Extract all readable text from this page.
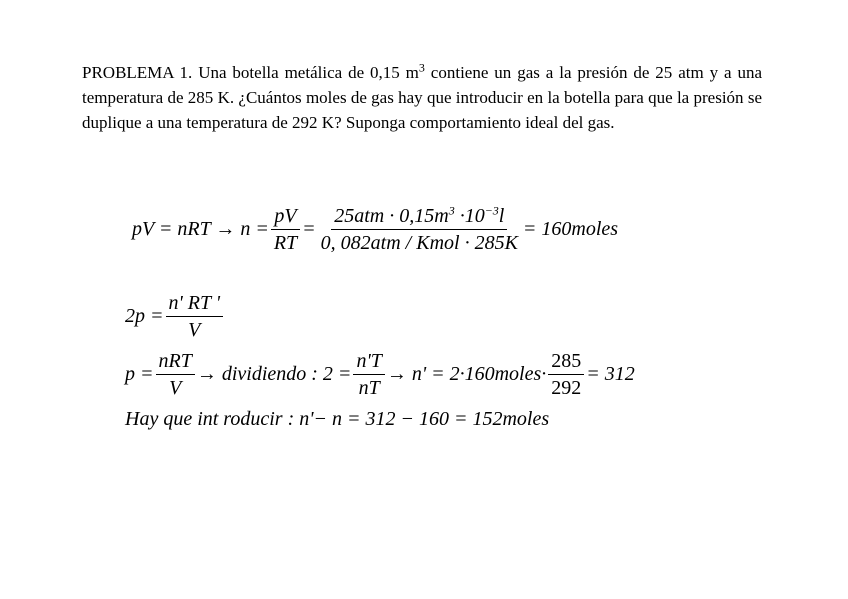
PROBLEMA 1. Una botella metálica de 0,15 $m^3$ contiene un gas a la presión de 25 atm y a una temperatura de 285 K. ¿Cuántos moles de gas hay que introducir en la botella para que la presión se duplique a una temperatura de 292 K? Suponga comportamiento ideal del gas.
pV = nRT → $n = \frac{pV}{RT} = \frac{25atm \cdot 0,15m^3 \cdot 10^{-3}l}{\text{0, 082atm / Kmol · 285K}}$ = 160moles
$2p = \frac{n' RT '}{V}$
$p = \frac{\text{nRT}}{V}$ → dividiendo : $2 = \frac{n'T}{nT} \to n'$ = 2·160moles· $\frac{285}{292} = 312$
Hay que int roducir : n'− n = 312 − 160 = 152moles
